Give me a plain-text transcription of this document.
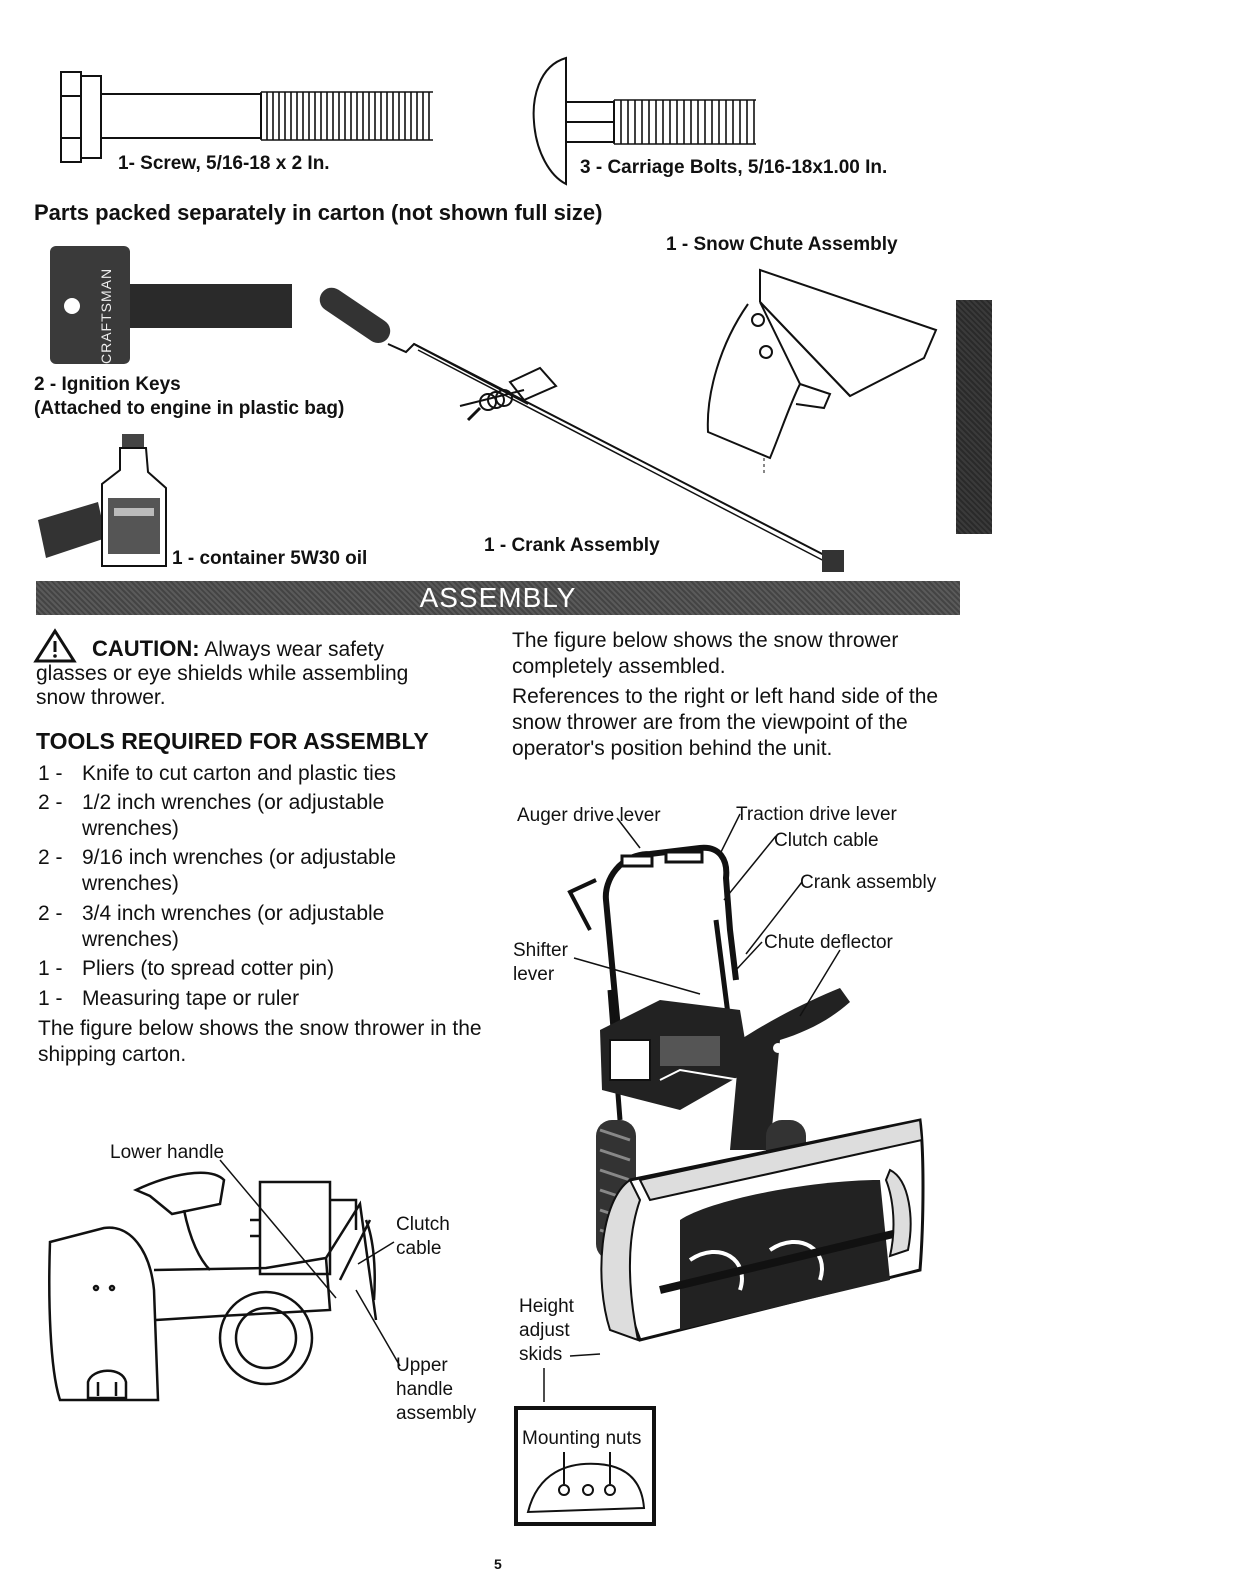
1- Screw, 5/16-18 x 2 In.	3 - Carriage Bolts, 5/16-18x1.00 In.
Parts packed separately in carton (not shown full size)
1 - Snow Chute Assembly
CRAFTSMAN
2 - Ignition Keys
(Attached to engine in plastic bag)
1 - container 5W30 oil
1 - Crank Assembly
ASSEMBLY
CAUTION: Always wear safety
glasses or eye shields while assembling
snow thrower.
TOOLS REQUIRED FOR ASSEMBLY
1 - Knife to cut carton and plastic ties
2 - 1/2 inch wrenches (or adjustable wrenches)
2 - 9/16 inch wrenches (or adjustable wrenches)
2 - 3/4 inch wrenches (or adjustable wrenches)
1 - Pliers (to spread cotter pin)
1 - Measuring tape or ruler
The figure below shows the snow thrower in the shipping carton.
The figure below shows the snow thrower completely assembled.
References to the right or left hand side of the snow thrower are from the viewpoint of the operator's position behind the unit.
Auger drive lever	Traction drive lever
Clutch cable
Crank assembly
Chute deflector
Shifter
lever
Height
adjust
skids
Mounting nuts
Lower handle
Clutch
cable
Upper
handle
assembly
5
